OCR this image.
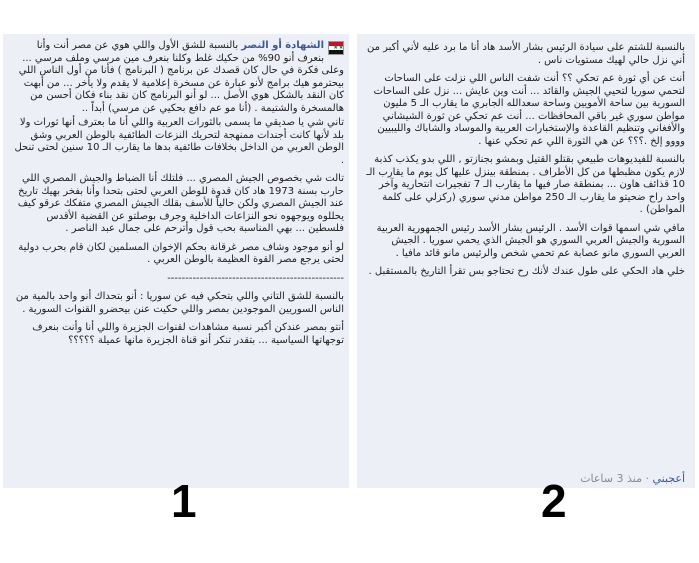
★★
الشهادة أو النصر بالنسبة للشق الأول واللي هوي عن مصر أنت وأنا بنعرف أنو 90% من حكيك غلط وكلنا بنعرف مين مرسي وملف مرسي ... وعلى فكرة في حال كان قصدك عن برنامج ( البرنامج ) فأنا من أول الناس اللي بيحترمو هيك برامج لأنو عبارة عن مسخرة إعلامية لا يقدم ولا يأخر ... من أبهت كان النقد بالشكل هوي الأصل ... لو أنو البرنامج كان نقد بناء فكان أحسن من هالمسخرة والشتيمة . (أنا مو عم دافع بحكيي عن مرسي) أبداً ..

تاني شي يا صديقي ما يسمى بالثورات العربية واللي أنا ما بعترف أنها ثورات ولا بلد لأنها كانت أجندات ممنهجة لتحريك النزعات الطائفية بالوطن العربي وشق الوطن العربي من الداخل بخلافات طائفية بدها ما يقارب الـ 10 سنين لحتى تنحل .

تالت شي بخصوص الجيش المصري ... فلتلك أنا الضباط والجيش المصري اللي حارب بسنة 1973 هاد كان قدوة للوطن العربي لحتى بتحدا وأنا بفخر بهيك تاريخ عند الجيش المصري ولكن حالياً للأسف بقلك الجيش المصري متفكك عرقو كيف يحللوه ويوجهوه نحو النزاعات الداخلية وجرف بوصلتو عن القضية الأقدس فلسطين ... بهي المناسبة بحب قول وأترحم على جمال عبد الناصر .

لو أنو موجود وشاف مصر غرقانة بحكم الإخوان المسلمين لكان قام بحرب دولية لحتى يرجع مصر القوة العظيمة بالوطن العربي .

-------------------------------------------------

بالنسبة للشق التاني واللي بتحكي فيه عن سوريا : أنو بتحداك أنو واحد بالمية من الناس السوريين الموجودين بمصر واللي حكيت عنن بيحضرو القنوات السورية .

أنتو بمصر عندكن أكبر نسبة مشاهدات لقنوات الجزيرة واللي أنا وأنت بنعرف توجهاتها السياسية ... بتقدر تنكر أنو قناة الجزيرة مانها عميلة ؟؟؟؟؟

بالنسبة للشتم على سيادة الرئيس بشار الأسد هاد أنا ما برد عليه لأني أكبر من أني نزل حالي لهيك مستويات ناس .

أنت عن أي ثورة عم تحكي ؟؟ أنت شفت الناس اللي نزلت على الساحات لتحمي سوريا لتحيي الجيش والقائد ... أنت وين عايش ... نزل على الساحات السورية بين ساحة الأمويين وساحة سعدالله الجابري ما يقارب الـ 5 مليون مواطن سوري غير باقي المحافظات ... أنت عم تحكي عن ثورة الشيشاني والأفغاني وتنظيم القاعدة والإستخبارات العربية والموساد والشاباك والليبيين وووو إلخ .؟؟؟ عن هي الثورة اللي عم تحكي عنها .

بالنسبة للفيديوهات طبيعي بقتلو القتيل وبمشو بجنازتو , اللي بدو يكذب كذبة لازم يكون مظبطها من كل الأطراف . بمنطقة بينزل عليها كل يوم ما يقارب الـ 10 قذائف هاون ... بمنطقة صار فيها ما يقارب الـ 7 تفجيرات انتحارية وآخر واحد راح ضحيتو ما يقارب الـ 250 مواطن مدني سوري (ركزلي على كلمة المواطن) .

مافي شي اسمها قوات الأسد . الرئيس بشار الأسد رئيس الجمهورية العربية السورية والجيش العربي السوري هو الجيش الذي يحمي سوريا . الجيش العربي السوري مانو عصابة عم تحمي شخص والرئيس مانو قائد مافيا .

خلي هاد الحكي على طول عندك لأنك رح تحتاجو بس تقرأ التاريخ بالمستقبل .

أعجبني · منذ 3 ساعات
1	2
